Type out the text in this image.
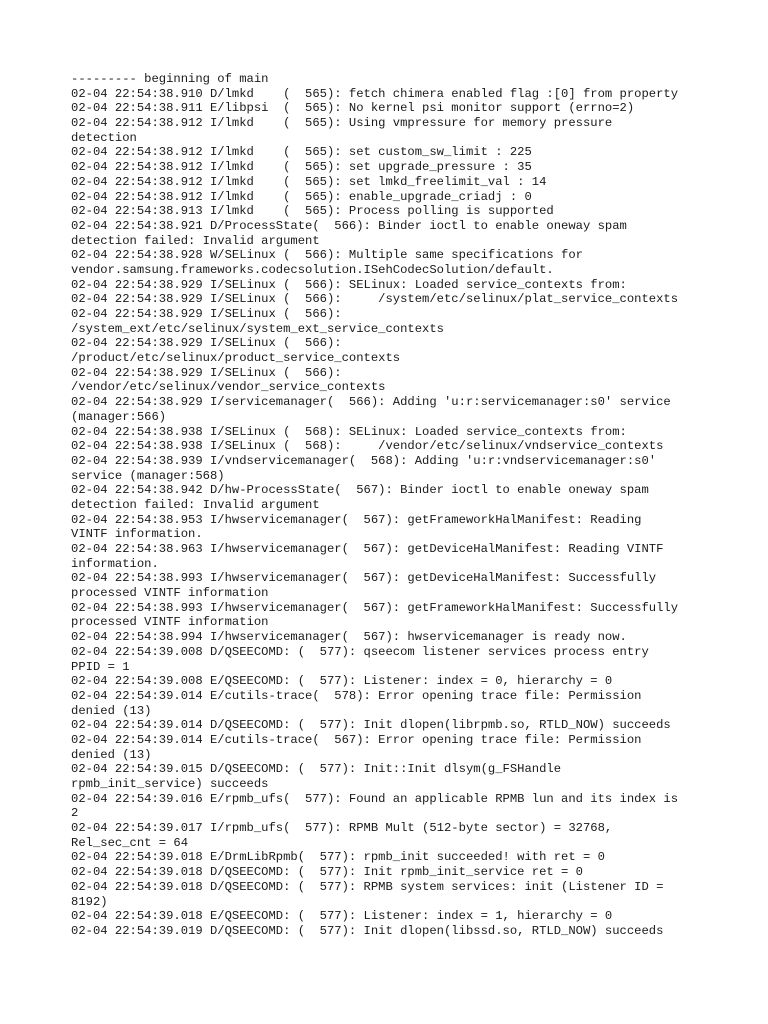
--------- beginning of main
02-04 22:54:38.910 D/lmkd    (  565): fetch chimera enabled flag :[0] from property
02-04 22:54:38.911 E/libpsi  (  565): No kernel psi monitor support (errno=2)
02-04 22:54:38.912 I/lmkd    (  565): Using vmpressure for memory pressure
detection
02-04 22:54:38.912 I/lmkd    (  565): set custom_sw_limit : 225
02-04 22:54:38.912 I/lmkd    (  565): set upgrade_pressure : 35
02-04 22:54:38.912 I/lmkd    (  565): set lmkd_freelimit_val : 14
02-04 22:54:38.912 I/lmkd    (  565): enable_upgrade_criadj : 0
02-04 22:54:38.913 I/lmkd    (  565): Process polling is supported
02-04 22:54:38.921 D/ProcessState(  566): Binder ioctl to enable oneway spam
detection failed: Invalid argument
02-04 22:54:38.928 W/SELinux (  566): Multiple same specifications for
vendor.samsung.frameworks.codecsolution.ISehCodecSolution/default.
02-04 22:54:38.929 I/SELinux (  566): SELinux: Loaded service_contexts from:
02-04 22:54:38.929 I/SELinux (  566):     /system/etc/selinux/plat_service_contexts
02-04 22:54:38.929 I/SELinux (  566):
/system_ext/etc/selinux/system_ext_service_contexts
02-04 22:54:38.929 I/SELinux (  566):
/product/etc/selinux/product_service_contexts
02-04 22:54:38.929 I/SELinux (  566):
/vendor/etc/selinux/vendor_service_contexts
02-04 22:54:38.929 I/servicemanager(  566): Adding 'u:r:servicemanager:s0' service
(manager:566)
02-04 22:54:38.938 I/SELinux (  568): SELinux: Loaded service_contexts from:
02-04 22:54:38.938 I/SELinux (  568):     /vendor/etc/selinux/vndservice_contexts
02-04 22:54:38.939 I/vndservicemanager(  568): Adding 'u:r:vndservicemanager:s0'
service (manager:568)
02-04 22:54:38.942 D/hw-ProcessState(  567): Binder ioctl to enable oneway spam
detection failed: Invalid argument
02-04 22:54:38.953 I/hwservicemanager(  567): getFrameworkHalManifest: Reading
VINTF information.
02-04 22:54:38.963 I/hwservicemanager(  567): getDeviceHalManifest: Reading VINTF
information.
02-04 22:54:38.993 I/hwservicemanager(  567): getDeviceHalManifest: Successfully
processed VINTF information
02-04 22:54:38.993 I/hwservicemanager(  567): getFrameworkHalManifest: Successfully
processed VINTF information
02-04 22:54:38.994 I/hwservicemanager(  567): hwservicemanager is ready now.
02-04 22:54:39.008 D/QSEECOMD: (  577): qseecom listener services process entry
PPID = 1
02-04 22:54:39.008 E/QSEECOMD: (  577): Listener: index = 0, hierarchy = 0
02-04 22:54:39.014 E/cutils-trace(  578): Error opening trace file: Permission
denied (13)
02-04 22:54:39.014 D/QSEECOMD: (  577): Init dlopen(librpmb.so, RTLD_NOW) succeeds
02-04 22:54:39.014 E/cutils-trace(  567): Error opening trace file: Permission
denied (13)
02-04 22:54:39.015 D/QSEECOMD: (  577): Init::Init dlsym(g_FSHandle
rpmb_init_service) succeeds
02-04 22:54:39.016 E/rpmb_ufs(  577): Found an applicable RPMB lun and its index is
2
02-04 22:54:39.017 I/rpmb_ufs(  577): RPMB Mult (512-byte sector) = 32768,
Rel_sec_cnt = 64
02-04 22:54:39.018 E/DrmLibRpmb(  577): rpmb_init succeeded! with ret = 0
02-04 22:54:39.018 D/QSEECOMD: (  577): Init rpmb_init_service ret = 0
02-04 22:54:39.018 D/QSEECOMD: (  577): RPMB system services: init (Listener ID =
8192)
02-04 22:54:39.018 E/QSEECOMD: (  577): Listener: index = 1, hierarchy = 0
02-04 22:54:39.019 D/QSEECOMD: (  577): Init dlopen(libssd.so, RTLD_NOW) succeeds
